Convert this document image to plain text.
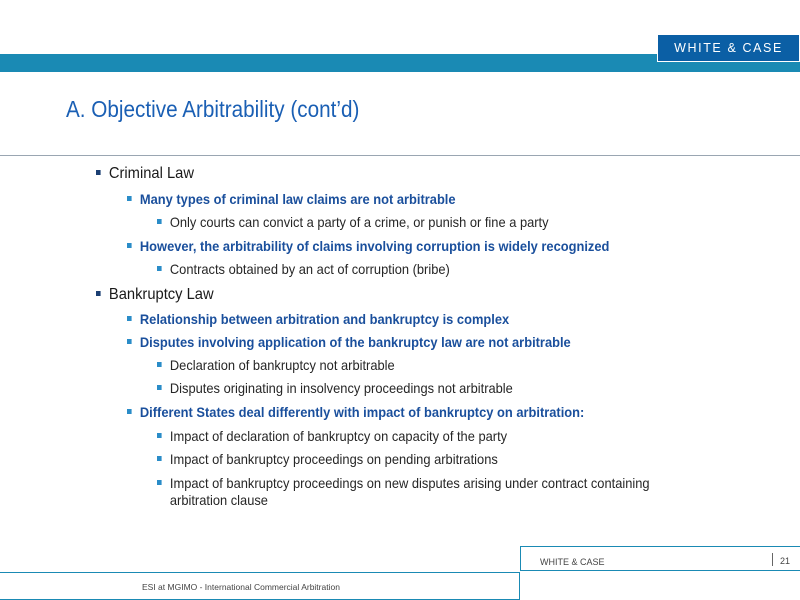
WHITE & CASE
A. Objective Arbitrability (cont’d)
Criminal Law
Many types of criminal law claims are not arbitrable
Only courts can convict a party of a crime, or punish or fine a party
However, the arbitrability of claims involving corruption is widely recognized
Contracts obtained by an act of corruption (bribe)
Bankruptcy Law
Relationship between arbitration and bankruptcy is complex
Disputes involving application of the bankruptcy law are not arbitrable
Declaration of bankruptcy not arbitrable
Disputes originating in insolvency proceedings not arbitrable
Different States deal differently with impact of bankruptcy on arbitration:
Impact of declaration of bankruptcy on capacity of the party
Impact of bankruptcy proceedings on pending arbitrations
Impact of bankruptcy proceedings on new disputes arising under contract containing arbitration clause
WHITE & CASE	21
ESI at MGIMO - International Commercial Arbitration
